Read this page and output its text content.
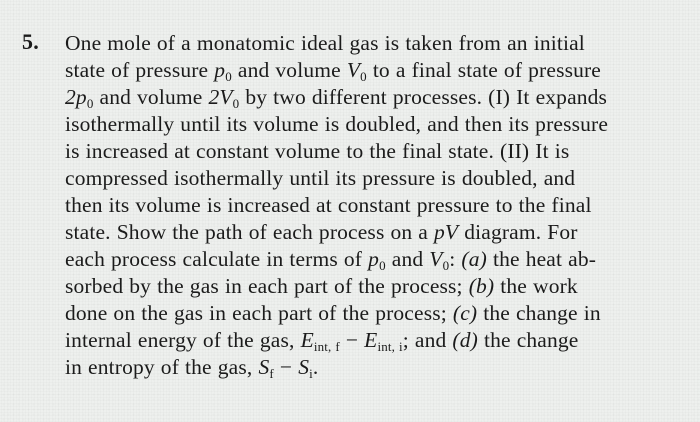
5. One mole of a monatomic ideal gas is taken from an initial
state of pressure $p_0$ and volume $V_0$ to a final state of pressure
$2p_0$ and volume $2V_0$ by two different processes. (I) It expands
isothermally until its volume is doubled, and then its pressure
is increased at constant volume to the final state. (II) It is
compressed isothermally until its pressure is doubled, and
then its volume is increased at constant pressure to the final
state. Show the path of each process on a pV diagram. For
each process calculate in terms of $p_0$ and $V_0$: (a) the heat ab-
sorbed by the gas in each part of the process; (b) the work
done on the gas in each part of the process; (c) the change in
internal energy of the gas, Eint, f − Eint, i; and (d) the change
in entropy of the gas, $S_f - S_i$.
